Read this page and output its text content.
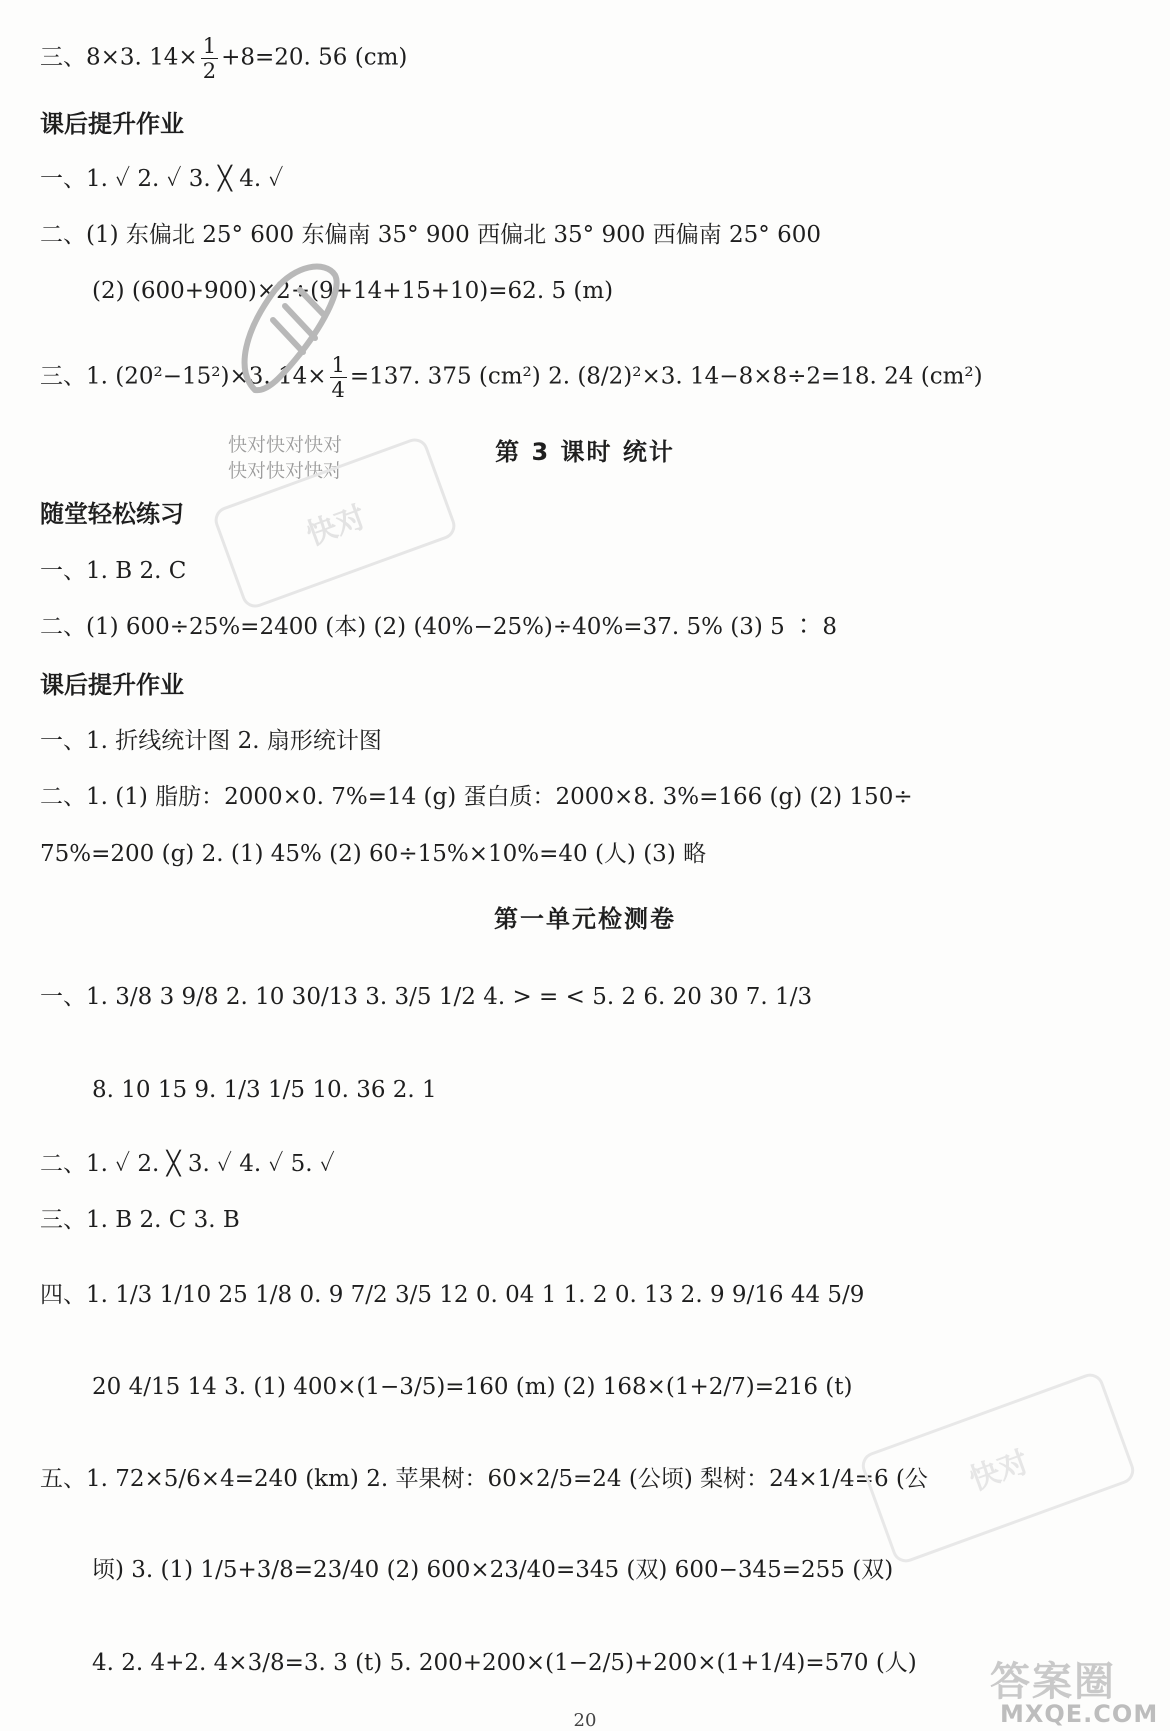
三、8×3. $14\times \frac{1}{2} +8=20$. 56 (cm)
课后提升作业
一、1. ✓ 2. ✓ 3. ╳ 4. ✓
二、(1) 东偏北 25° 600 东偏南 35° 900 西偏北 35° 900 西偏南 25° 600
(2) (600+900)×2÷(9+14+15+10)=62. 5 (m)
三、1. (20²−15²)×3. $14\times \frac{1}{4} =137$. 375 (cm²) 2. (8/2)²×3. 14−8×8÷2=18. 24 (cm²)
第 3 课时 统计
随堂轻松练习
一、1. B 2. C
二、(1) 600÷25%=2400 (本) (2) (40%−25%)÷40%=37. 5% (3) 5 ∶ 8
课后提升作业
一、1. 折线统计图 2. 扇形统计图
二、1. (1) 脂肪：2000×0. 7%=14 (g) 蛋白质：2000×8. 3%=166 (g) (2) 150÷
75%=200 (g) 2. (1) 45% (2) 60÷15%×10%=40 (人) (3) 略
第一单元检测卷
一、1. 3/8 3 9/8 2. 10 30/13 3. 3/5 1/2 4. > = < 5. 2 6. 20 30 7. 1/3
8. 10 15 9. 1/3 1/5 10. 36 2. 1
二、1. ✓ 2. ╳ 3. ✓ 4. ✓ 5. ✓
三、1. B 2. C 3. B
四、1. 1/3 1/10 25 1/8 0. 9 7/2 3/5 12 0. 04 1 1. 2 0. 13 2. 9 9/16 44 5/9
20 4/15 14 3. (1) 400×(1−3/5)=160 (m) (2) 168×(1+2/7)=216 (t)
五、1. 72×5/6×4=240 (km) 2. 苹果树：60×2/5=24 (公顷) 梨树：24×1/4=6 (公
顷) 3. (1) 1/5+3/8=23/40 (2) 600×23/40=345 (双) 600−345=255 (双)
4. 2. 4+2. 4×3/8=3. 3 (t) 5. 200+200×(1−2/5)+200×(1+1/4)=570 (人)
20
快对快对快对
快对快对快对
快对
快对
答案圈
MXQE.COM
